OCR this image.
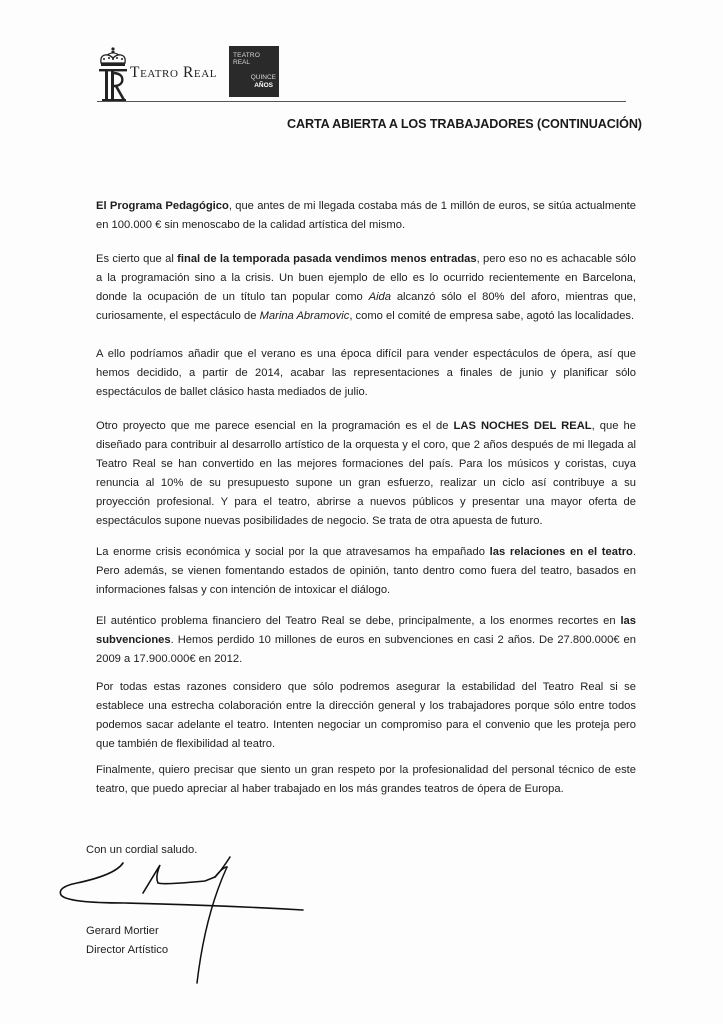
Teatro Real
TEATRO
REAL
QUINCE
AÑOS
CARTA ABIERTA A LOS TRABAJADORES (CONTINUACIÓN)
El Programa Pedagógico, que antes de mi llegada costaba más de 1 millón de euros, se sitúa actualmente en 100.000 € sin menoscabo de la calidad artística del mismo.
Es cierto que al final de la temporada pasada vendimos menos entradas, pero eso no es achacable sólo a la programación sino a la crisis. Un buen ejemplo de ello es lo ocurrido recientemente en Barcelona, donde la ocupación de un título tan popular como Aida alcanzó sólo el 80% del aforo, mientras que, curiosamente, el espectáculo de Marina Abramovic, como el comité de empresa sabe, agotó las localidades.
A ello podríamos añadir que el verano es una época difícil para vender espectáculos de ópera, así que hemos decidido, a partir de 2014, acabar las representaciones a finales de junio y planificar sólo espectáculos de ballet clásico hasta mediados de julio.
Otro proyecto que me parece esencial en la programación es el de LAS NOCHES DEL REAL, que he diseñado para contribuir al desarrollo artístico de la orquesta y el coro, que 2 años después de mi llegada al Teatro Real se han convertido en las mejores formaciones del país. Para los músicos y coristas, cuya renuncia al 10% de su presupuesto supone un gran esfuerzo, realizar un ciclo así contribuye a su proyección profesional. Y para el teatro, abrirse a nuevos públicos y presentar una mayor oferta de espectáculos supone nuevas posibilidades de negocio. Se trata de otra apuesta de futuro.
La enorme crisis económica y social por la que atravesamos ha empañado las relaciones en el teatro. Pero además, se vienen fomentando estados de opinión, tanto dentro como fuera del teatro, basados en informaciones falsas y con intención de intoxicar el diálogo.
El auténtico problema financiero del Teatro Real se debe, principalmente, a los enormes recortes en las subvenciones. Hemos perdido 10 millones de euros en subvenciones en casi 2 años. De 27.800.000€ en 2009 a 17.900.000€ en 2012.
Por todas estas razones considero que sólo podremos asegurar la estabilidad del Teatro Real si se establece una estrecha colaboración entre la dirección general y los trabajadores porque sólo entre todos podemos sacar adelante el teatro. Intenten negociar un compromiso para el convenio que les proteja pero que también de flexibilidad al teatro.
Finalmente, quiero precisar que siento un gran respeto por la profesionalidad del personal técnico de este teatro, que puedo apreciar al haber trabajado en los más grandes teatros de ópera de Europa.
Con un cordial saludo.
Gerard Mortier
Director Artístico
